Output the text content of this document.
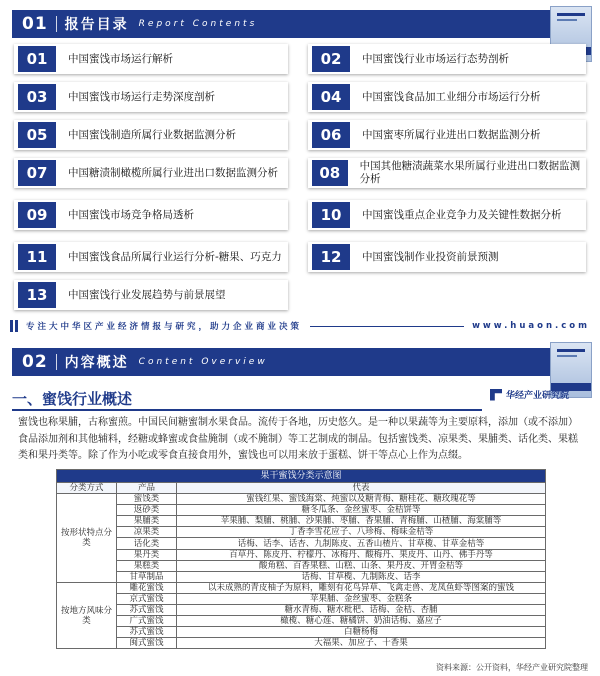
01	报告目录 Report Contents
01	中国蜜饯市场运行解析	02	中国蜜饯行业市场运行态势剖析
03	中国蜜饯市场运行走势深度剖析	04	中国蜜饯食品加工业细分市场运行分析
05	中国蜜饯制造所属行业数据监测分析	06	中国蜜枣所属行业进出口数据监测分析
07	中国糖渍制橄榄所属行业进出口数据监测分析	08	中国其他糖渍蔬菜水果所属行业进出口数据监测分析
09	中国蜜饯市场竞争格局透析	10	中国蜜饯重点企业竞争力及关键性数据分析
11	中国蜜饯食品所属行业运行分析-糖果、巧克力	12	中国蜜饯制作业投资前景预测
13	中国蜜饯行业发展趋势与前景展望
专注大中华区产业经济情报与研究，助力企业商业决策	www.huaon.com
02	内容概述 Content Overview
一、蜜饯行业概述	华经产业研究院
蜜饯也称果脯，古称蜜煎。中国民间糖蜜制水果食品。流传于各地，历史悠久。是一种以果蔬等为主要原料，添加（或不添加）食品添加剂和其他辅料，经糖或蜂蜜或食盐腌制（或不腌制）等工艺制成的制品。包括蜜饯类、凉果类、果脯类、话化类、果糕类和果丹类等。除了作为小吃或零食直接食用外，蜜饯也可以用来放于蛋糕、饼干等点心上作为点缀。
果干蜜饯分类示意图		
分类方式	产品	代表
按形状特点分类	蜜饯类	蜜钱红果、蜜饯海棠、炖蜜以及糖青梅、糖桂花、糖玫瑰花等
	返砂类	糖冬瓜条、金丝蜜枣、金桔饼等
	果脯类	苹果脯、梨脯、桃脯、沙果脯、枣脯、香果脯、青梅脯、山楂脯、海棠脯等
	凉果类	丁香李雪花应子、八珍梅、梅味金桔等
	话化类	话梅、话李、话杏、九制陈皮、五香山楂片、甘草榄、甘草金桔等
	果丹类	百草丹、陈皮丹、柠檬丹、冰梅丹、酸梅丹、果皮丹、山丹、佛手丹等
	果糕类	酸角糕、百香果糕、山糕、山条、果丹皮、开胃金桔等
	甘草制品	话梅、甘草榄、九制陈皮、话李
按地方风味分类	雕花蜜饯	以未成熟的青皮柚子为原料，雕刻有花鸟异草、飞禽走兽、龙凤鱼虾等图案的蜜饯
	京式蜜饯	苹果脯、金丝蜜枣、金糕条
	苏式蜜饯	糖水青梅、糖水枇杷、话梅、金桔、杏脯
	广式蜜饯	橄榄、糖心莲、糖橘饼、奶油话梅、嘉应子
	苏式蜜饯	白糖杨梅
	闽式蜜饯	大福果、加应子、十香果
资料来源：公开资料，华经产业研究院整理
